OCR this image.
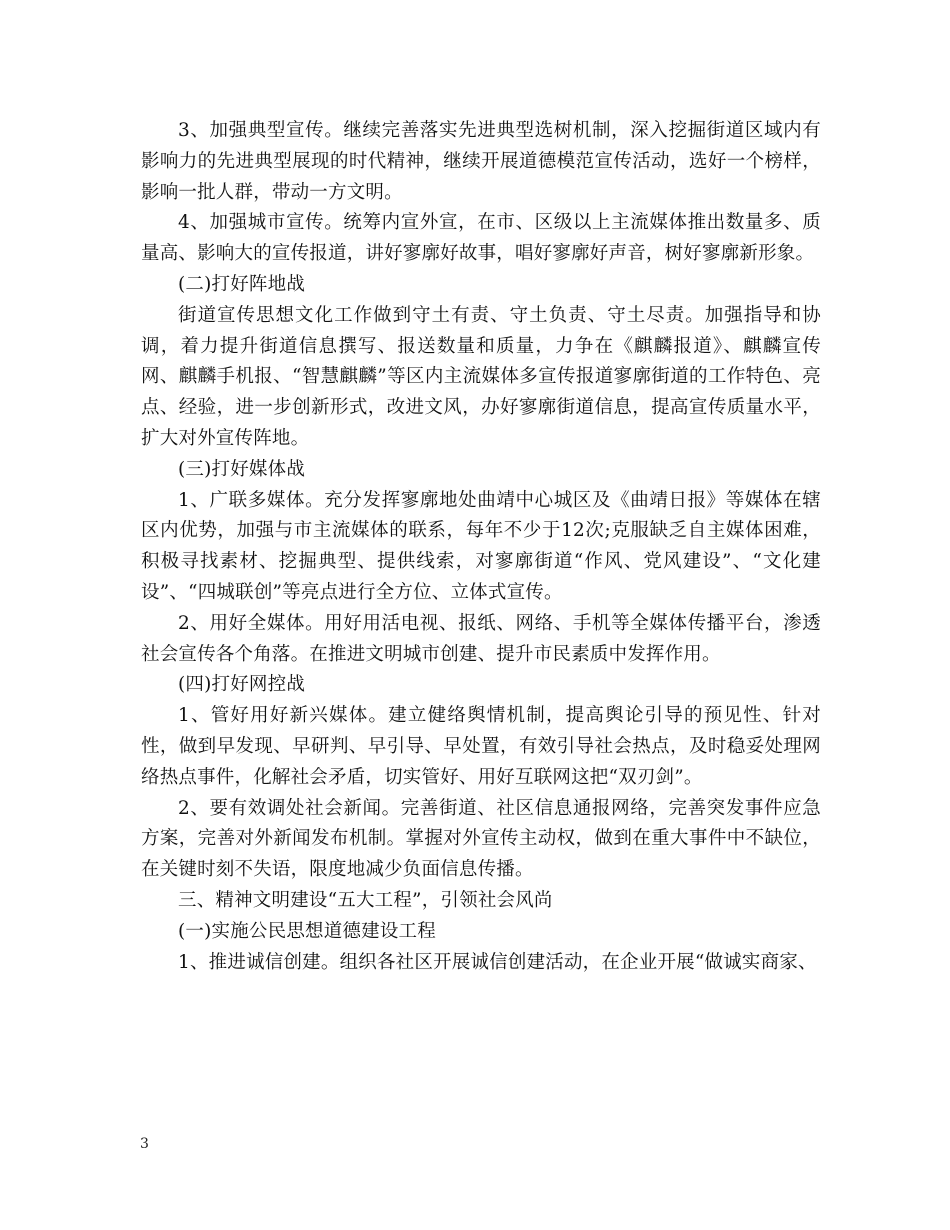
3、加强典型宣传。继续完善落实先进典型选树机制，深入挖掘街道区域内有影响力的先进典型展现的时代精神，继续开展道德模范宣传活动，选好一个榜样，影响一批人群，带动一方文明。

4、加强城市宣传。统筹内宣外宣，在市、区级以上主流媒体推出数量多、质量高、影响大的宣传报道，讲好寥廓好故事，唱好寥廓好声音，树好寥廓新形象。

(二)打好阵地战

街道宣传思想文化工作做到守土有责、守土负责、守土尽责。加强指导和协调，着力提升街道信息撰写、报送数量和质量，力争在《麒麟报道》、麒麟宣传网、麒麟手机报、“智慧麒麟”等区内主流媒体多宣传报道寥廓街道的工作特色、亮点、经验，进一步创新形式，改进文风，办好寥廓街道信息，提高宣传质量水平，扩大对外宣传阵地。

(三)打好媒体战

1、广联多媒体。充分发挥寥廓地处曲靖中心城区及《曲靖日报》等媒体在辖区内优势，加强与市主流媒体的联系，每年不少于12次;克服缺乏自主媒体困难，积极寻找素材、挖掘典型、提供线索，对寥廓街道“作风、党风建设”、“文化建设”、“四城联创”等亮点进行全方位、立体式宣传。

2、用好全媒体。用好用活电视、报纸、网络、手机等全媒体传播平台，渗透社会宣传各个角落。在推进文明城市创建、提升市民素质中发挥作用。

(四)打好网控战

1、管好用好新兴媒体。建立健络舆情机制，提高舆论引导的预见性、针对性，做到早发现、早研判、早引导、早处置，有效引导社会热点，及时稳妥处理网络热点事件，化解社会矛盾，切实管好、用好互联网这把“双刃剑”。

2、要有效调处社会新闻。完善街道、社区信息通报网络，完善突发事件应急方案，完善对外新闻发布机制。掌握对外宣传主动权，做到在重大事件中不缺位，在关键时刻不失语，限度地减少负面信息传播。

三、精神文明建设“五大工程”，引领社会风尚

(一)实施公民思想道德建设工程

1、推进诚信创建。组织各社区开展诚信创建活动，在企业开展“做诚实商家、

3
